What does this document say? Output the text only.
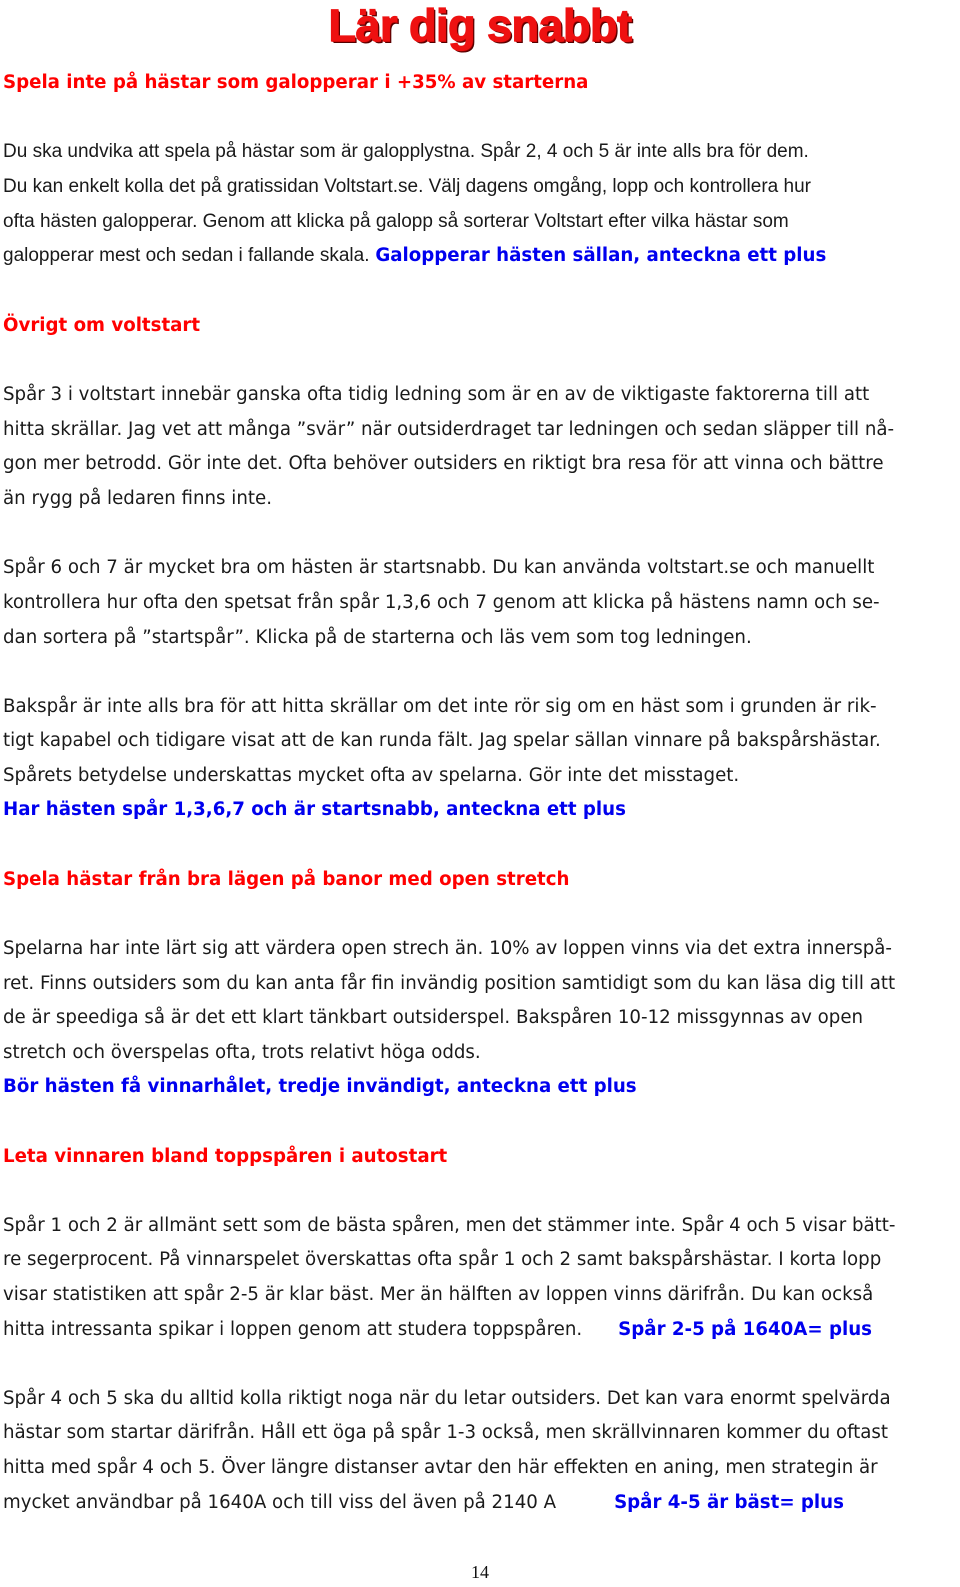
Lär dig snabbt
Spela inte på hästar som galopperar i +35% av starterna
Du ska undvika att spela på hästar som är galopplystna. Spår 2, 4 och 5 är inte alls bra för dem.
Du kan enkelt kolla det på gratissidan Voltstart.se. Välj dagens omgång, lopp och kontrollera hur
ofta hästen galopperar. Genom att klicka på galopp så sorterar Voltstart efter vilka hästar som
galopperar mest och sedan i fallande skala. Galopperar hästen sällan, anteckna ett plus
Övrigt om voltstart
Spår 3 i voltstart innebär ganska ofta tidig ledning som är en av de viktigaste faktorerna till att
hitta skrällar. Jag vet att många ”svär” när outsiderdraget tar ledningen och sedan släpper till nå-
gon mer betrodd. Gör inte det. Ofta behöver outsiders en riktigt bra resa för att vinna och bättre
än rygg på ledaren finns inte.
Spår 6 och 7 är mycket bra om hästen är startsnabb. Du kan använda voltstart.se och manuellt
kontrollera hur ofta den spetsat från spår 1,3,6 och 7 genom att klicka på hästens namn och se-
dan sortera på ”startspår”. Klicka på de starterna och läs vem som tog ledningen.
Bakspår är inte alls bra för att hitta skrällar om det inte rör sig om en häst som i grunden är rik-
tigt kapabel och tidigare visat att de kan runda fält. Jag spelar sällan vinnare på bakspårshästar.
Spårets betydelse underskattas mycket ofta av spelarna. Gör inte det misstaget.
Har hästen spår 1,3,6,7 och är startsnabb, anteckna ett plus
Spela hästar från bra lägen på banor med open stretch
Spelarna har inte lärt sig att värdera open strech än. 10% av loppen vinns via det extra innerspå-
ret. Finns outsiders som du kan anta får fin invändig position samtidigt som du kan läsa dig till att
de är speediga så är det ett klart tänkbart outsiderspel. Bakspåren 10-12 missgynnas av open
stretch och överspelas ofta, trots relativt höga odds.
Bör hästen få vinnarhålet, tredje invändigt, anteckna ett plus
Leta vinnaren bland toppspåren i autostart
Spår 1 och 2 är allmänt sett som de bästa spåren, men det stämmer inte. Spår 4 och 5 visar bätt-
re segerprocent. På vinnarspelet överskattas ofta spår 1 och 2 samt bakspårshästar. I korta lopp
visar statistiken att spår 2-5 är klar bäst. Mer än hälften av loppen vinns därifrån. Du kan också
hitta intressanta spikar i loppen genom att studera toppspåren. Spår 2-5 på 1640A= plus
Spår 4 och 5 ska du alltid kolla riktigt noga när du letar outsiders. Det kan vara enormt spelvärda
hästar som startar därifrån. Håll ett öga på spår 1-3 också, men skrällvinnaren kommer du oftast
hitta med spår 4 och 5. Över längre distanser avtar den här effekten en aning, men strategin är
mycket användbar på 1640A och till viss del även på 2140 A	Spår 4-5 är bäst= plus
14
